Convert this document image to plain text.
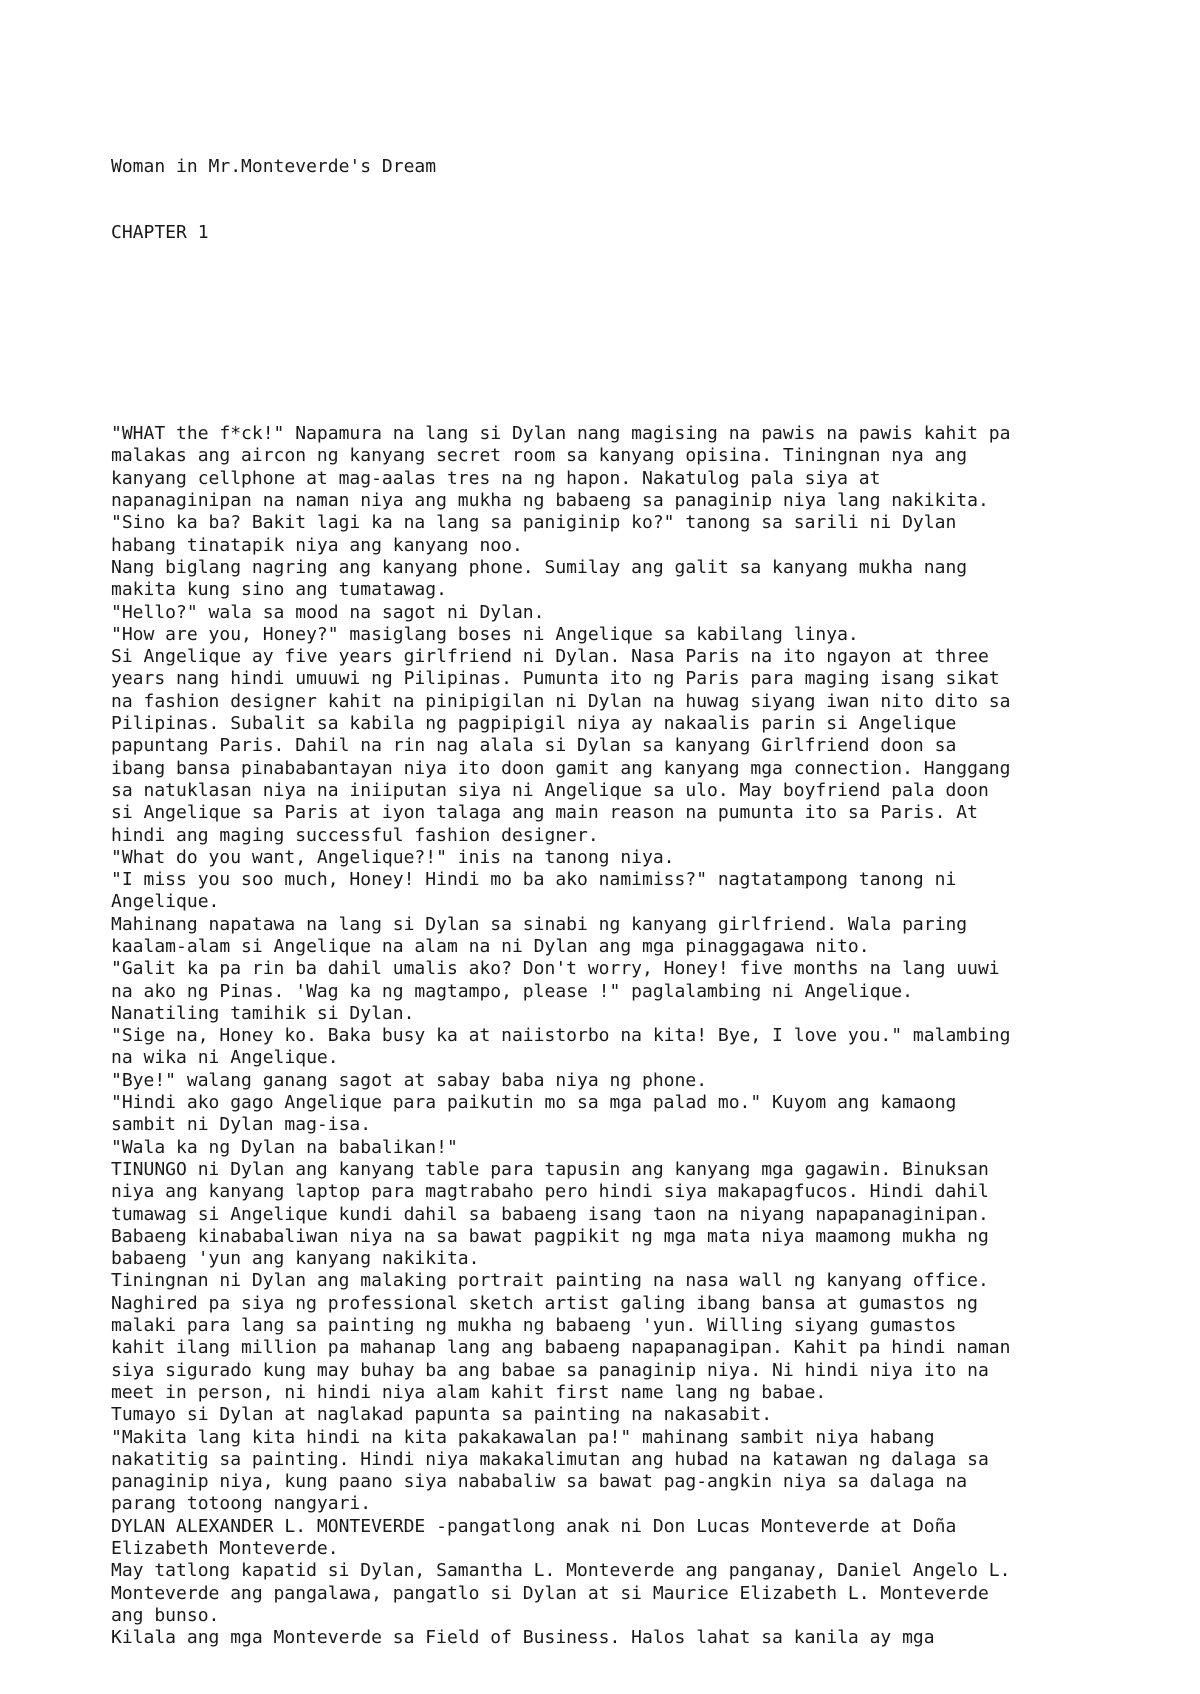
Woman in Mr.Monteverde's Dream

CHAPTER 1

"WHAT the f*ck!" Napamura na lang si Dylan nang magising na pawis na pawis kahit pa
malakas ang aircon ng kanyang secret room sa kanyang opisina. Tiningnan nya ang
kanyang cellphone at mag-aalas tres na ng hapon. Nakatulog pala siya at
napanaginipan na naman niya ang mukha ng babaeng sa panaginip niya lang nakikita.
"Sino ka ba? Bakit lagi ka na lang sa paniginip ko?" tanong sa sarili ni Dylan
habang tinatapik niya ang kanyang noo.
Nang biglang nagring ang kanyang phone. Sumilay ang galit sa kanyang mukha nang
makita kung sino ang tumatawag.
"Hello?" wala sa mood na sagot ni Dylan.
"How are you, Honey?" masiglang boses ni Angelique sa kabilang linya.
Si Angelique ay five years girlfriend ni Dylan. Nasa Paris na ito ngayon at three
years nang hindi umuuwi ng Pilipinas. Pumunta ito ng Paris para maging isang sikat
na fashion designer kahit na pinipigilan ni Dylan na huwag siyang iwan nito dito sa
Pilipinas. Subalit sa kabila ng pagpipigil niya ay nakaalis parin si Angelique
papuntang Paris. Dahil na rin nag alala si Dylan sa kanyang Girlfriend doon sa
ibang bansa pinababantayan niya ito doon gamit ang kanyang mga connection. Hanggang
sa natuklasan niya na iniiputan siya ni Angelique sa ulo. May boyfriend pala doon
si Angelique sa Paris at iyon talaga ang main reason na pumunta ito sa Paris. At
hindi ang maging successful fashion designer.
"What do you want, Angelique?!" inis na tanong niya.
"I miss you soo much, Honey! Hindi mo ba ako namimiss?" nagtatampong tanong ni
Angelique.
Mahinang napatawa na lang si Dylan sa sinabi ng kanyang girlfriend. Wala paring
kaalam-alam si Angelique na alam na ni Dylan ang mga pinaggagawa nito.
"Galit ka pa rin ba dahil umalis ako? Don't worry, Honey! five months na lang uuwi
na ako ng Pinas. 'Wag ka ng magtampo, please !" paglalambing ni Angelique.
Nanatiling tamihik si Dylan.
"Sige na, Honey ko. Baka busy ka at naiistorbo na kita! Bye, I love you." malambing
na wika ni Angelique.
"Bye!" walang ganang sagot at sabay baba niya ng phone.
"Hindi ako gago Angelique para paikutin mo sa mga palad mo." Kuyom ang kamaong
sambit ni Dylan mag-isa.
"Wala ka ng Dylan na babalikan!"
TINUNGO ni Dylan ang kanyang table para tapusin ang kanyang mga gagawin. Binuksan
niya ang kanyang laptop para magtrabaho pero hindi siya makapagfucos. Hindi dahil
tumawag si Angelique kundi dahil sa babaeng isang taon na niyang napapanaginipan.
Babaeng kinababaliwan niya na sa bawat pagpikit ng mga mata niya maamong mukha ng
babaeng 'yun ang kanyang nakikita.
Tiningnan ni Dylan ang malaking portrait painting na nasa wall ng kanyang office.
Naghired pa siya ng professional sketch artist galing ibang bansa at gumastos ng
malaki para lang sa painting ng mukha ng babaeng 'yun. Willing siyang gumastos
kahit ilang million pa mahanap lang ang babaeng napapanagipan. Kahit pa hindi naman
siya sigurado kung may buhay ba ang babae sa panaginip niya. Ni hindi niya ito na
meet in person, ni hindi niya alam kahit first name lang ng babae.
Tumayo si Dylan at naglakad papunta sa painting na nakasabit.
"Makita lang kita hindi na kita pakakawalan pa!" mahinang sambit niya habang
nakatitig sa painting. Hindi niya makakalimutan ang hubad na katawan ng dalaga sa
panaginip niya, kung paano siya nababaliw sa bawat pag-angkin niya sa dalaga na
parang totoong nangyari.
DYLAN ALEXANDER L. MONTEVERDE -pangatlong anak ni Don Lucas Monteverde at Doña
Elizabeth Monteverde.
May tatlong kapatid si Dylan, Samantha L. Monteverde ang panganay, Daniel Angelo L.
Monteverde ang pangalawa, pangatlo si Dylan at si Maurice Elizabeth L. Monteverde
ang bunso.
Kilala ang mga Monteverde sa Field of Business. Halos lahat sa kanila ay mga
